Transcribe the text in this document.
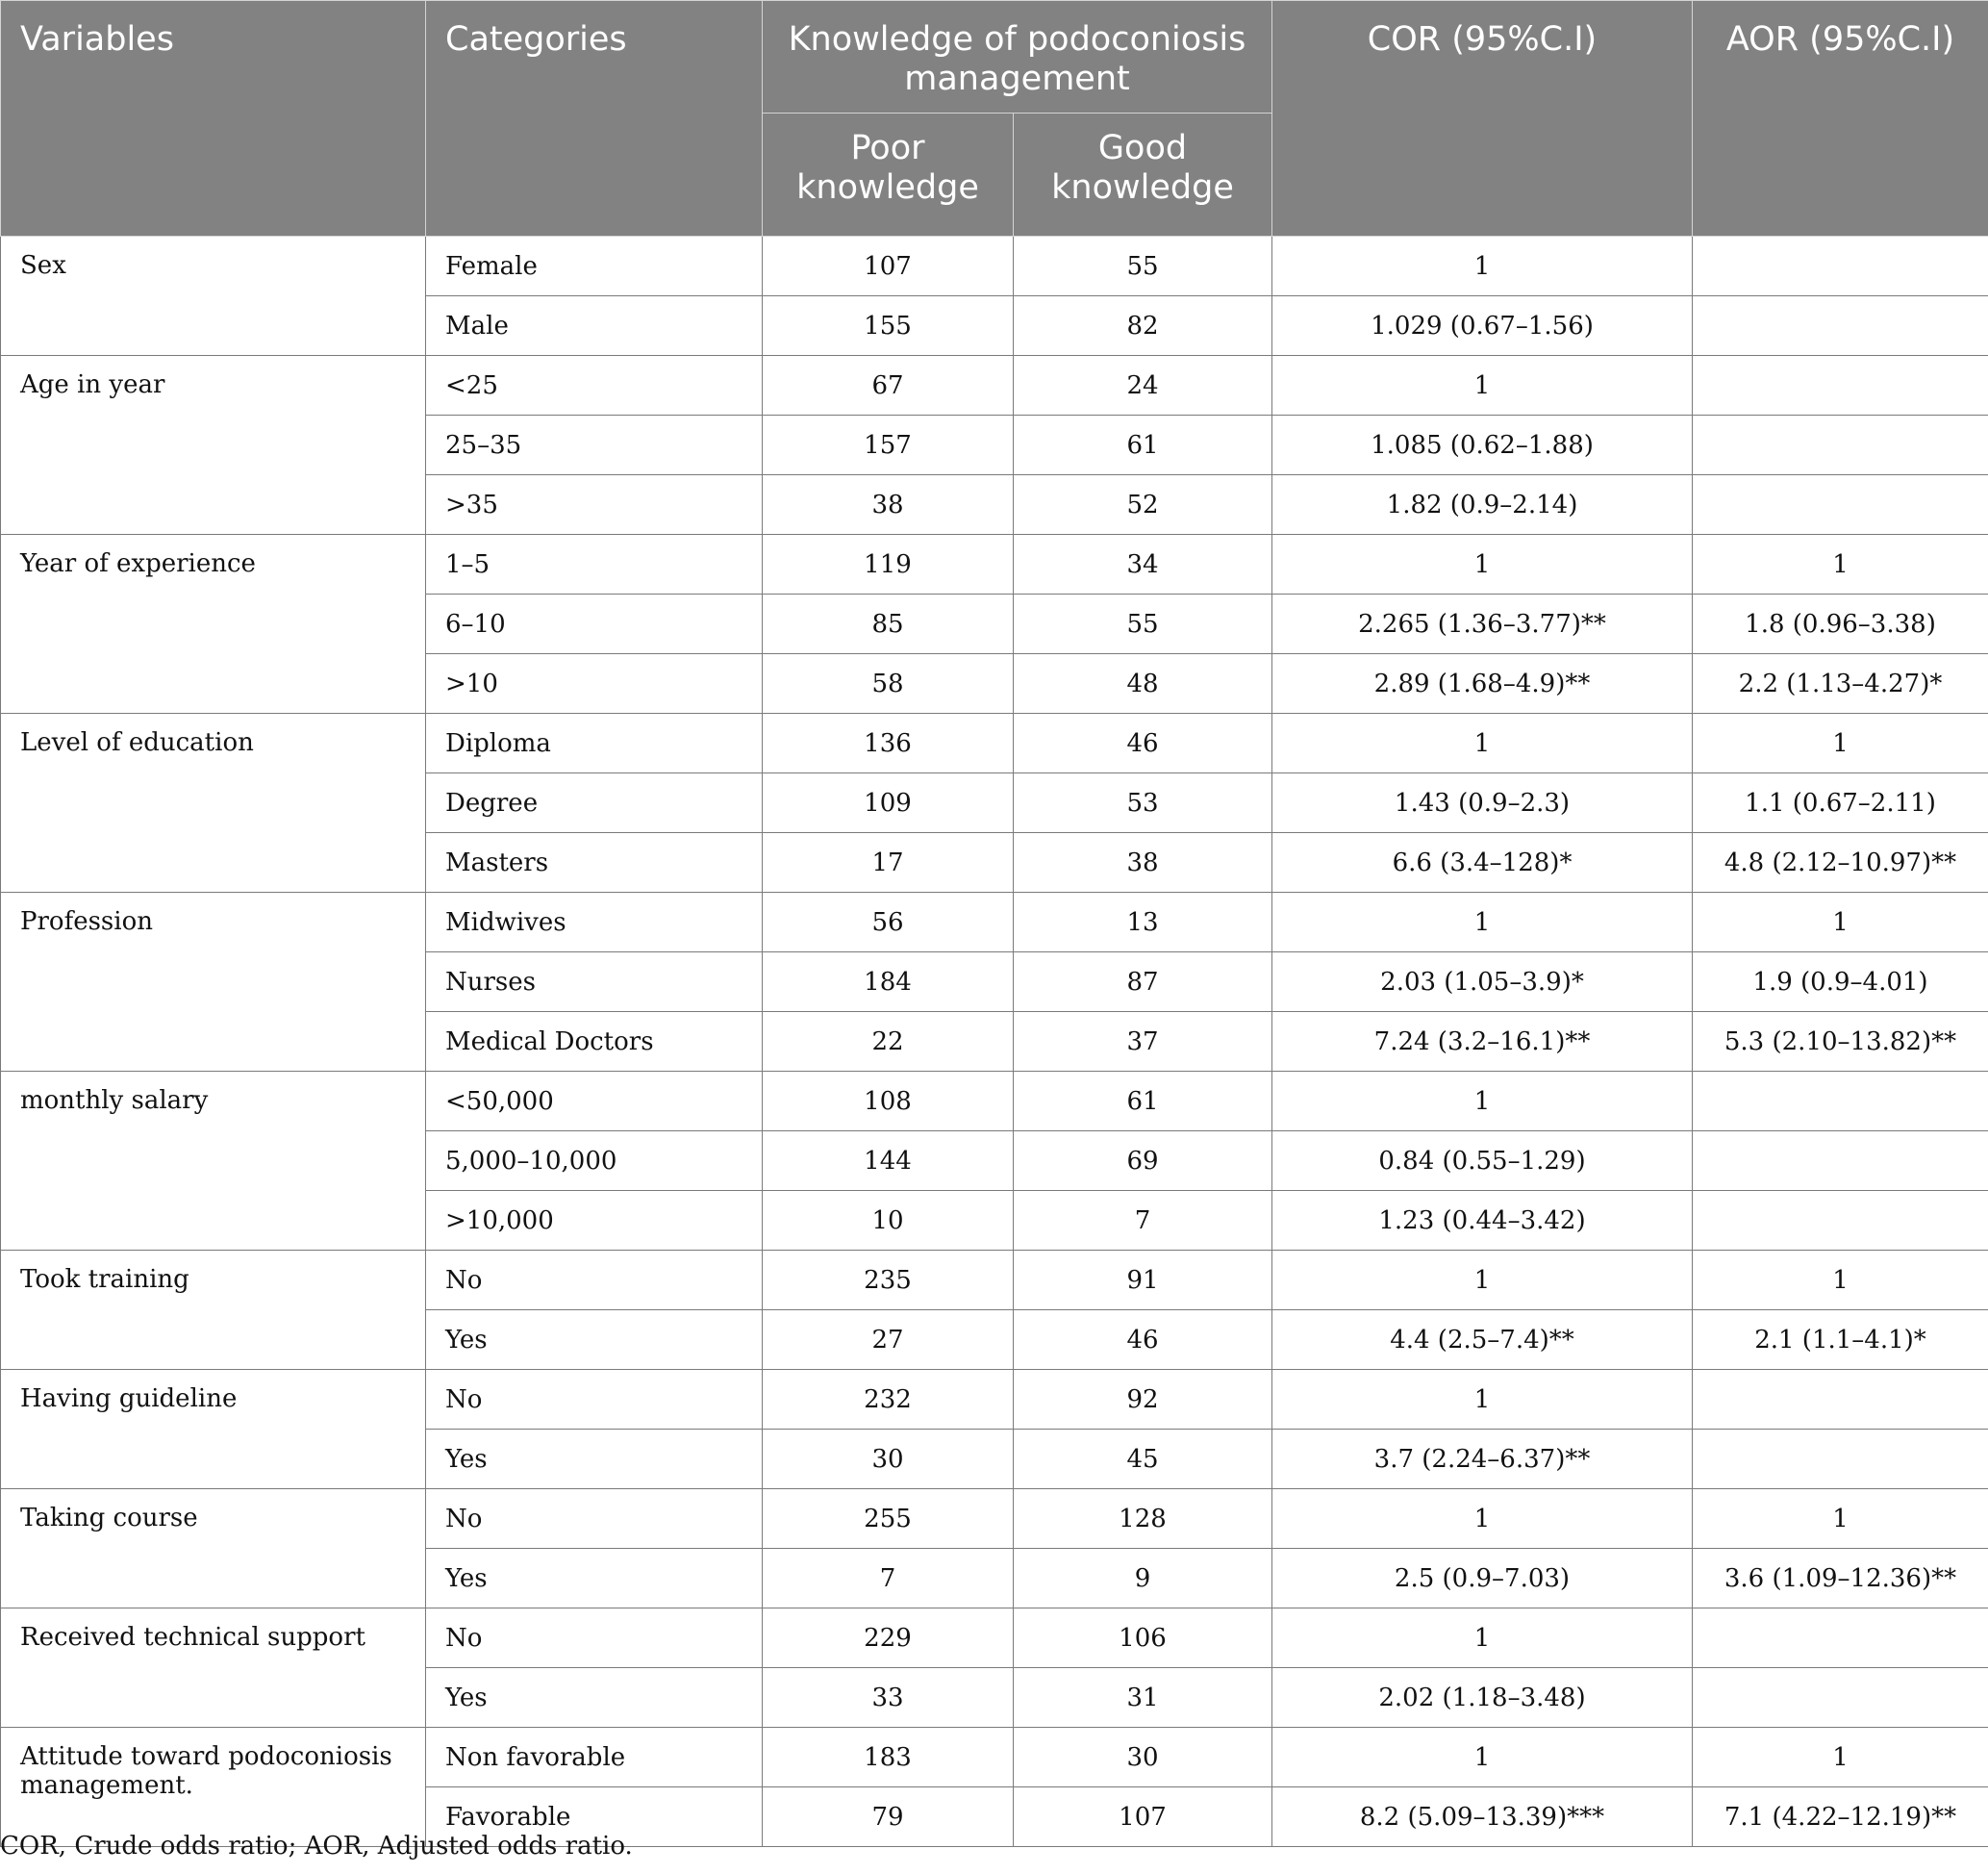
Variables	Categories	Knowledge of podoconiosis management		COR (95%C.I)	AOR (95%C.I)
		Poor knowledge	Good knowledge		
Sex	Female	107	55	1	
	Male	155	82	1.029 (0.67–1.56)	
Age in year	<25	67	24	1	
	25–35	157	61	1.085 (0.62–1.88)	
	>35	38	52	1.82 (0.9–2.14)	
Year of experience	1–5	119	34	1	1
	6–10	85	55	2.265 (1.36–3.77)**	1.8 (0.96–3.38)
	>10	58	48	2.89 (1.68–4.9)**	2.2 (1.13–4.27)*
Level of education	Diploma	136	46	1	1
	Degree	109	53	1.43 (0.9–2.3)	1.1 (0.67–2.11)
	Masters	17	38	6.6 (3.4–128)*	4.8 (2.12–10.97)**
Profession	Midwives	56	13	1	1
	Nurses	184	87	2.03 (1.05–3.9)*	1.9 (0.9–4.01)
	Medical Doctors	22	37	7.24 (3.2–16.1)**	5.3 (2.10–13.82)**
monthly salary	<50,000	108	61	1	
	5,000–10,000	144	69	0.84 (0.55–1.29)	
	>10,000	10	7	1.23 (0.44–3.42)	
Took training	No	235	91	1	1
	Yes	27	46	4.4 (2.5–7.4)**	2.1 (1.1–4.1)*
Having guideline	No	232	92	1	
	Yes	30	45	3.7 (2.24–6.37)**	
Taking course	No	255	128	1	1
	Yes	7	9	2.5 (0.9–7.03)	3.6 (1.09–12.36)**
Received technical support	No	229	106	1	
	Yes	33	31	2.02 (1.18–3.48)	
Attitude toward podoconiosis management.	Non favorable	183	30	1	1
	Favorable	79	107	8.2 (5.09–13.39)***	7.1 (4.22–12.19)**
COR, Crude odds ratio; AOR, Adjusted odds ratio.
